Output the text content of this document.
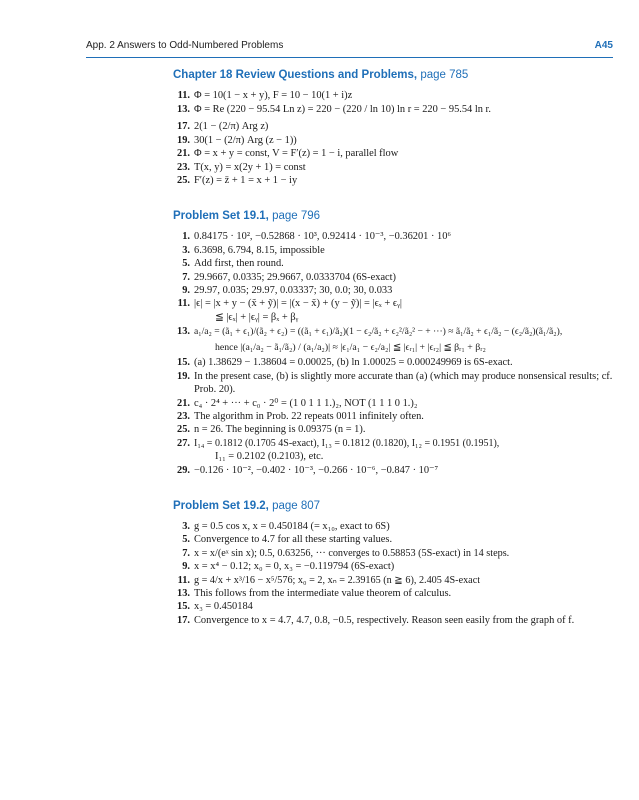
App. 2 Answers to Odd-Numbered Problems	A45
Chapter 18 Review Questions and Problems, page 785
11. Φ = 10(1 − x + y), F = 10 − 10(1 + i)z
13. Φ = Re (220 − 95.54 Ln z) = 220 − (220 / ln 10) ln r = 220 − 95.54 ln r.
17. 2(1 − (2/π) Arg z)
19. 30(1 − (2/π) Arg (z − 1))
21. Φ = x + y = const, V = F′(z) = 1 − i, parallel flow
23. T(x, y) = x(2y + 1) = const
25. F′(z) = z̄ + 1 = x + 1 − iy
Problem Set 19.1, page 796
1. 0.84175 · 10², −0.52868 · 10³, 0.92414 · 10⁻³, −0.36201 · 10⁶
3. 6.3698, 6.794, 8.15, impossible
5. Add first, then round.
7. 29.9667, 0.0335; 29.9667, 0.0333704 (6S-exact)
9. 29.97, 0.035; 29.97, 0.03337; 30, 0.0; 30, 0.033
11. |ϵ| = |x + y − (x̃ + ỹ)| = |(x − x̃) + (y − ỹ)| = |ϵₓ + ϵᵧ|
≦ |ϵₓ| + |ϵᵧ| = βₓ + βᵧ
13. a₁/a₂ = (ã₁ + ϵ₁)/(ã₂ + ϵ₂) = ((ã₁ + ϵ₁)/ã₂)(1 − ϵ₂/ã₂ + ϵ₂²/ã₂² − + ···) ≈ ã₁/ã₂ + ϵ₁/ã₂ − (ϵ₂/ã₂)(ã₁/ã₂),
hence |(a₁/a₂ − ã₁/ã₂) / (a₁/a₂)| ≈ |ϵ₁/a₁ − ϵ₂/a₂| ≦ |ϵᵣ₁| + |ϵᵣ₂| ≦ βᵣ₁ + βᵣ₂
15. (a) 1.38629 − 1.38604 = 0.00025, (b) ln 1.00025 = 0.000249969 is 6S-exact.
19. In the present case, (b) is slightly more accurate than (a) (which may produce nonsensical results; cf. Prob. 20).
21. c₄ · 2⁴ + ··· + c₀ · 2⁰ = (1 0 1 1 1.)₂, NOT (1 1 1 0 1.)₂
23. The algorithm in Prob. 22 repeats 0011 infinitely often.
25. n = 26. The beginning is 0.09375 (n = 1).
27. I₁₄ = 0.1812 (0.1705 4S-exact), I₁₃ = 0.1812 (0.1820), I₁₂ = 0.1951 (0.1951),
I₁₁ = 0.2102 (0.2103), etc.
29. −0.126 · 10⁻², −0.402 · 10⁻³, −0.266 · 10⁻⁶, −0.847 · 10⁻⁷
Problem Set 19.2, page 807
3. g = 0.5 cos x, x = 0.450184 (= x₁₀, exact to 6S)
5. Convergence to 4.7 for all these starting values.
7. x = x/(eˣ sin x); 0.5, 0.63256, ··· converges to 0.58853 (5S-exact) in 14 steps.
9. x = x⁴ − 0.12; x₀ = 0, x₃ = −0.119794 (6S-exact)
11. g = 4/x + x³/16 − x⁵/576; x₀ = 2, xₙ = 2.39165 (n ≧ 6), 2.405 4S-exact
13. This follows from the intermediate value theorem of calculus.
15. x₃ = 0.450184
17. Convergence to x = 4.7, 4.7, 0.8, −0.5, respectively. Reason seen easily from the graph of f.
